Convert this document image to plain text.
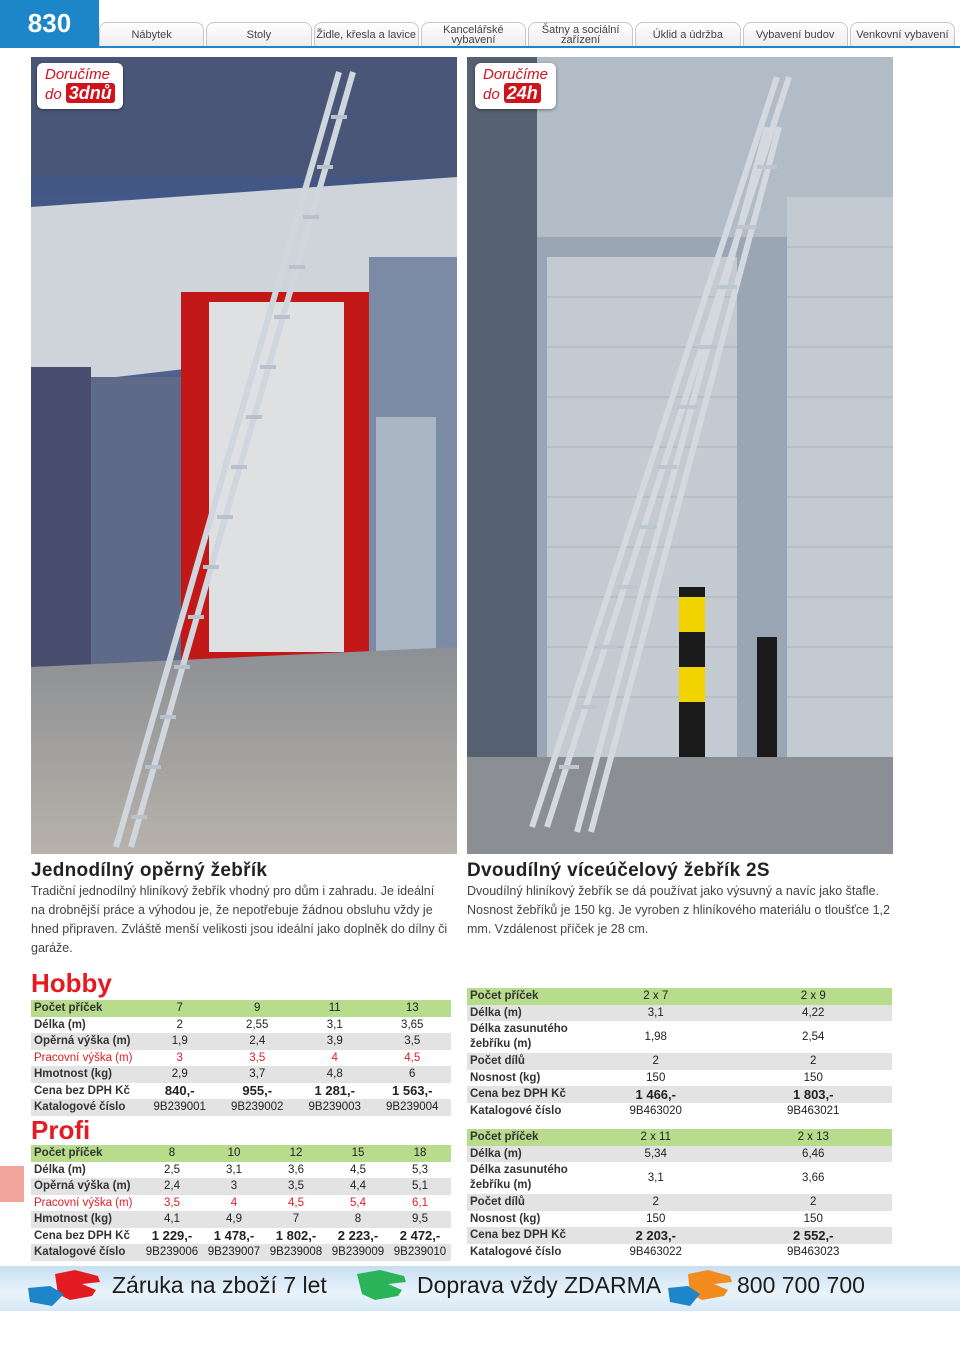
830	Nábytek	Stoly	Židle, křesla a lavice	Kancelářské vybavení
Šatny a sociální zařízení	Úklid a údržba	Vybavení budov	Venkovní vybavení
Doručíme
do 3dnů
Doručíme
do 24h
Jednodílný opěrný žebřík
Tradiční jednodílný hliníkový žebřík vhodný pro dům i zahradu. Je ideální na drobnější práce a výhodou je, že nepotřebuje žádnou obsluhu vždy je hned připraven. Zvláště menší velikosti jsou ideální jako doplněk do dílny či garáže.
Dvoudílný víceúčelový žebřík 2S
Dvoudílný hliníkový žebřík se dá používat jako výsuvný a navíc jako štafle. Nosnost žebříků je 150 kg. Je vyroben z hliníkového materiálu o tloušťce 1,2 mm. Vzdálenost příček je 28 cm.
Hobby
Počet příček	7	9	11	13
Délka (m)	2	2,55	3,1	3,65
Opěrná výška (m)	1,9	2,4	3,9	3,5
Pracovní výška (m)	3	3,5	4	4,5
Hmotnost (kg)	2,9	3,7	4,8	6
Cena bez DPH Kč	840,-	955,-	1 281,-	1 563,-
Katalogové číslo	9B239001	9B239002	9B239003	9B239004
Profi
Počet příček	8	10	12	15	18
Délka (m)	2,5	3,1	3,6	4,5	5,3
Opěrná výška (m)	2,4	3	3,5	4,4	5,1
Pracovní výška (m)	3,5	4	4,5	5,4	6,1
Hmotnost (kg)	4,1	4,9	7	8	9,5
Cena bez DPH Kč	1 229,-	1 478,-	1 802,-	2 223,-	2 472,-
Katalogové číslo	9B239006	9B239007	9B239008	9B239009	9B239010
Počet příček	2 x 7	2 x 9
Délka (m)	3,1	4,22
Délka zasunutého žebříku (m)	1,98	2,54
Počet dílů	2	2
Nosnost (kg)	150	150
Cena bez DPH Kč	1 466,-	1 803,-
Katalogové číslo	9B463020	9B463021
Počet příček	2 x 11	2 x 13
Délka (m)	5,34	6,46
Délka zasunutého žebříku (m)	3,1	3,66
Počet dílů	2	2
Nosnost (kg)	150	150
Cena bez DPH Kč	2 203,-	2 552,-
Katalogové číslo	9B463022	9B463023
Záruka na zboží 7 let	Doprava vždy ZDARMA	800 700 700
